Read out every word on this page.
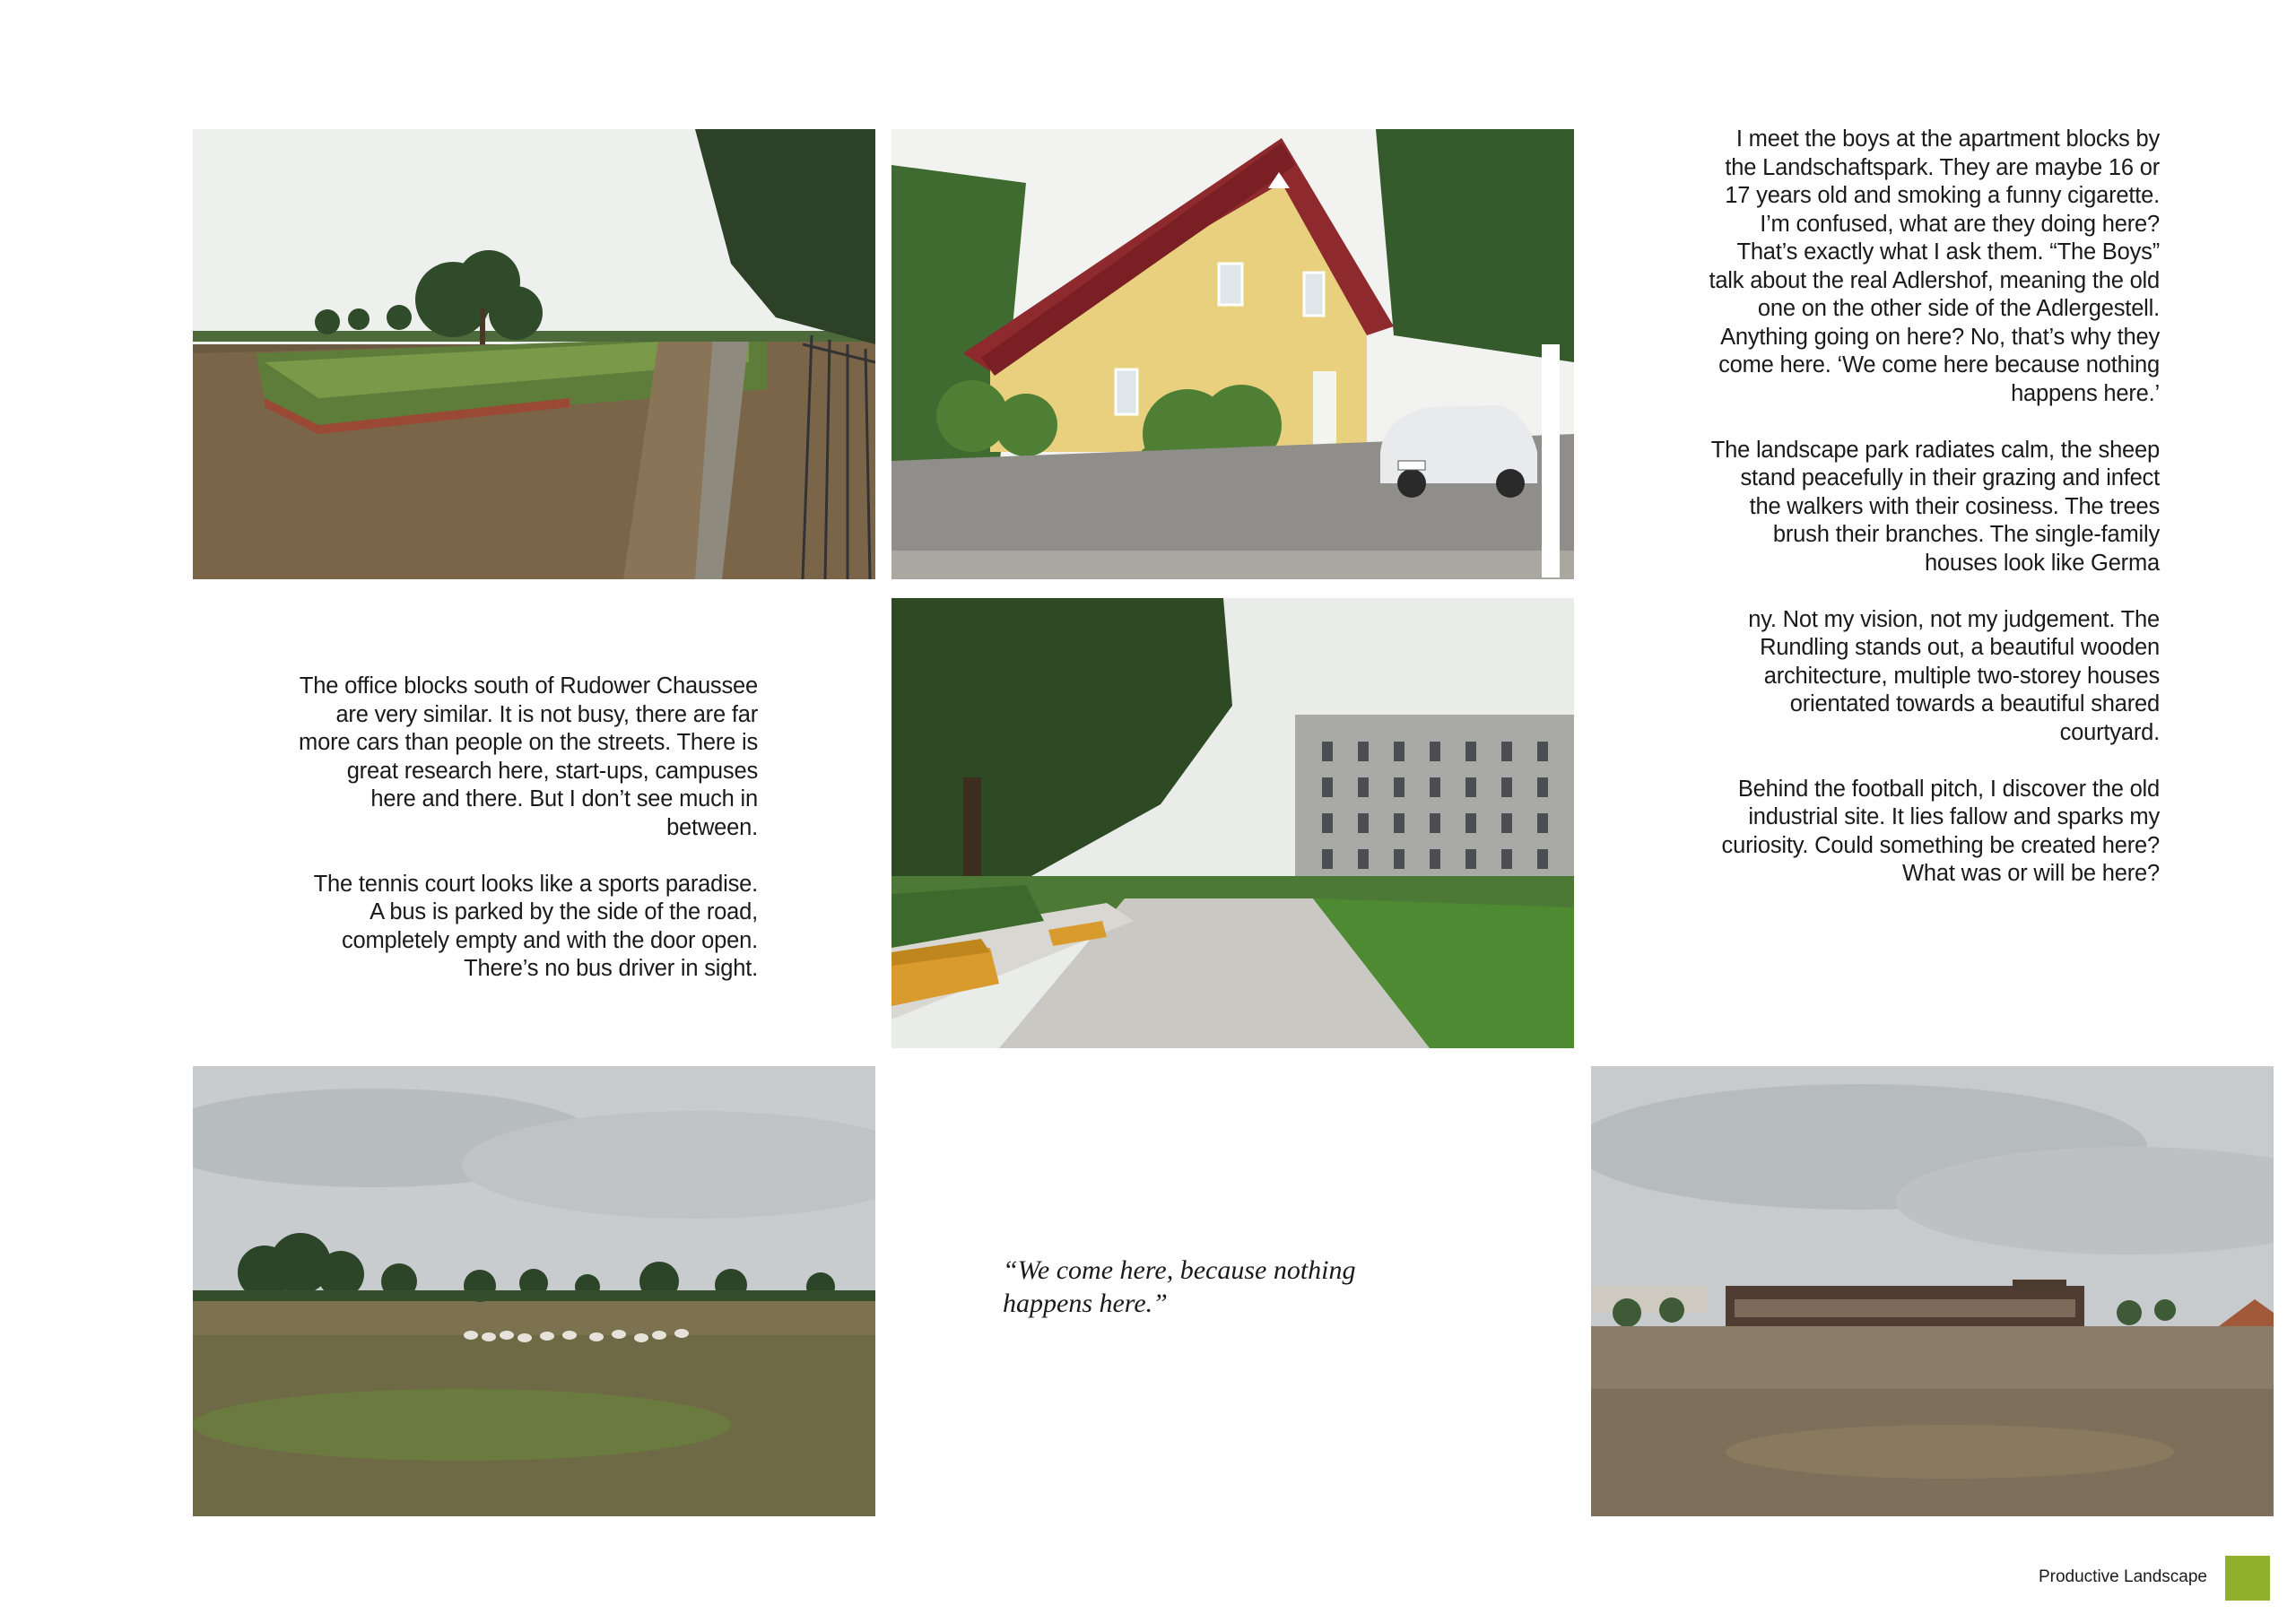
The office blocks south of Rudower Chaussee are very similar. It is not busy, there are far more cars than people on the streets. There is great research here, start-ups, campuses here and there. But I don’t see much in between.

The tennis court looks like a sports paradise. A bus is parked by the side of the road, completely empty and with the door open. There’s no bus driver in sight.

I meet the boys at the apartment blocks by the Landschaftspark. They are maybe 16 or 17 years old and smoking a funny cigarette. I’m confused, what are they doing here? That’s exactly what I ask them. “The Boys” talk about the real Adlershof, meaning the old one on the other side of the Adlergestell. Anything going on here? No, that’s why they come here. ‘We come here because nothing happens here.’

The landscape park radiates calm, the sheep stand peacefully in their grazing and infect the walkers with their cosiness. The trees brush their branches. The single-family houses look like Germa

ny. Not my vision, not my judgement. The Rundling stands out, a beautiful wooden architecture, multiple two-storey houses orientated towards a beautiful shared courtyard.

Behind the football pitch, I discover the old industrial site. It lies fallow and sparks my curiosity. Could something be created here? What was or will be here?

“We come here, because nothing
happens here.”
Productive Landscape
